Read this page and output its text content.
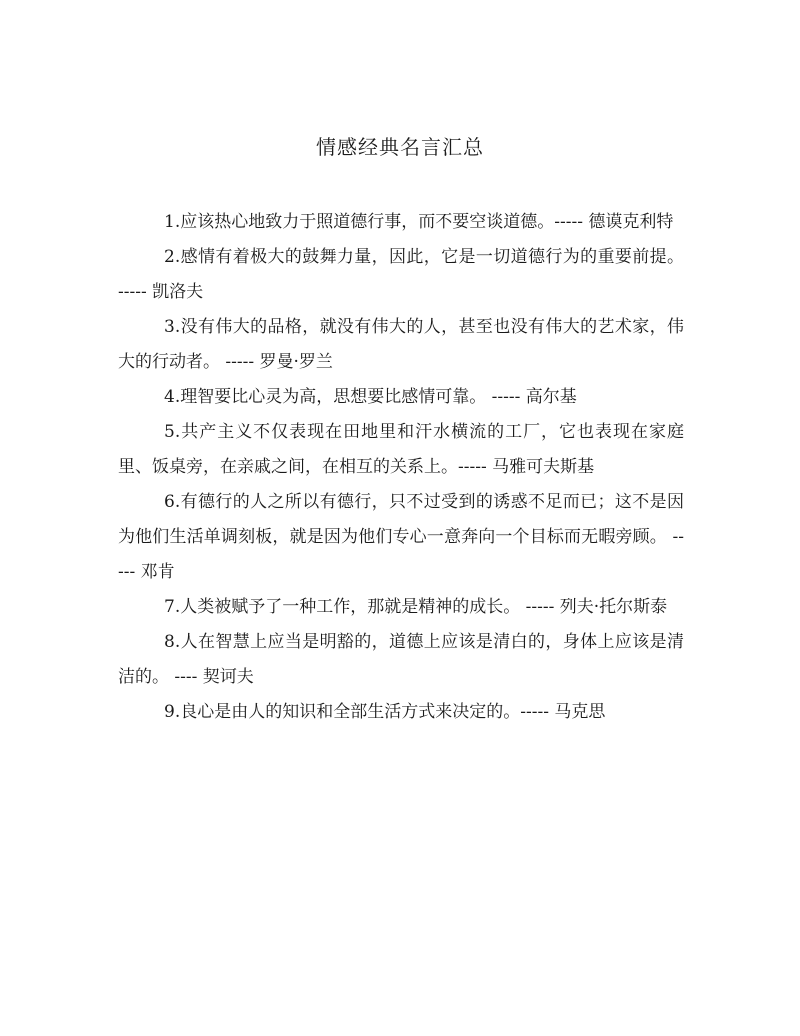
情感经典名言汇总

1.应该热心地致力于照道德行事，而不要空谈道德。----- 德谟克利特

2.感情有着极大的鼓舞力量，因此，它是一切道德行为的重要前提。 ----- 凯洛夫

3.没有伟大的品格，就没有伟大的人，甚至也没有伟大的艺术家，伟大的行动者。 ----- 罗曼·罗兰

4.理智要比心灵为高，思想要比感情可靠。 ----- 高尔基

5.共产主义不仅表现在田地里和汗水横流的工厂，它也表现在家庭里、饭桌旁，在亲戚之间，在相互的关系上。----- 马雅可夫斯基

6.有德行的人之所以有德行，只不过受到的诱惑不足而已；这不是因为他们生活单调刻板，就是因为他们专心一意奔向一个目标而无暇旁顾。 ----- 邓肯

7.人类被赋予了一种工作，那就是精神的成长。 ----- 列夫·托尔斯泰

8.人在智慧上应当是明豁的，道德上应该是清白的，身体上应该是清洁的。 ---- 契诃夫

9.良心是由人的知识和全部生活方式来决定的。----- 马克思
